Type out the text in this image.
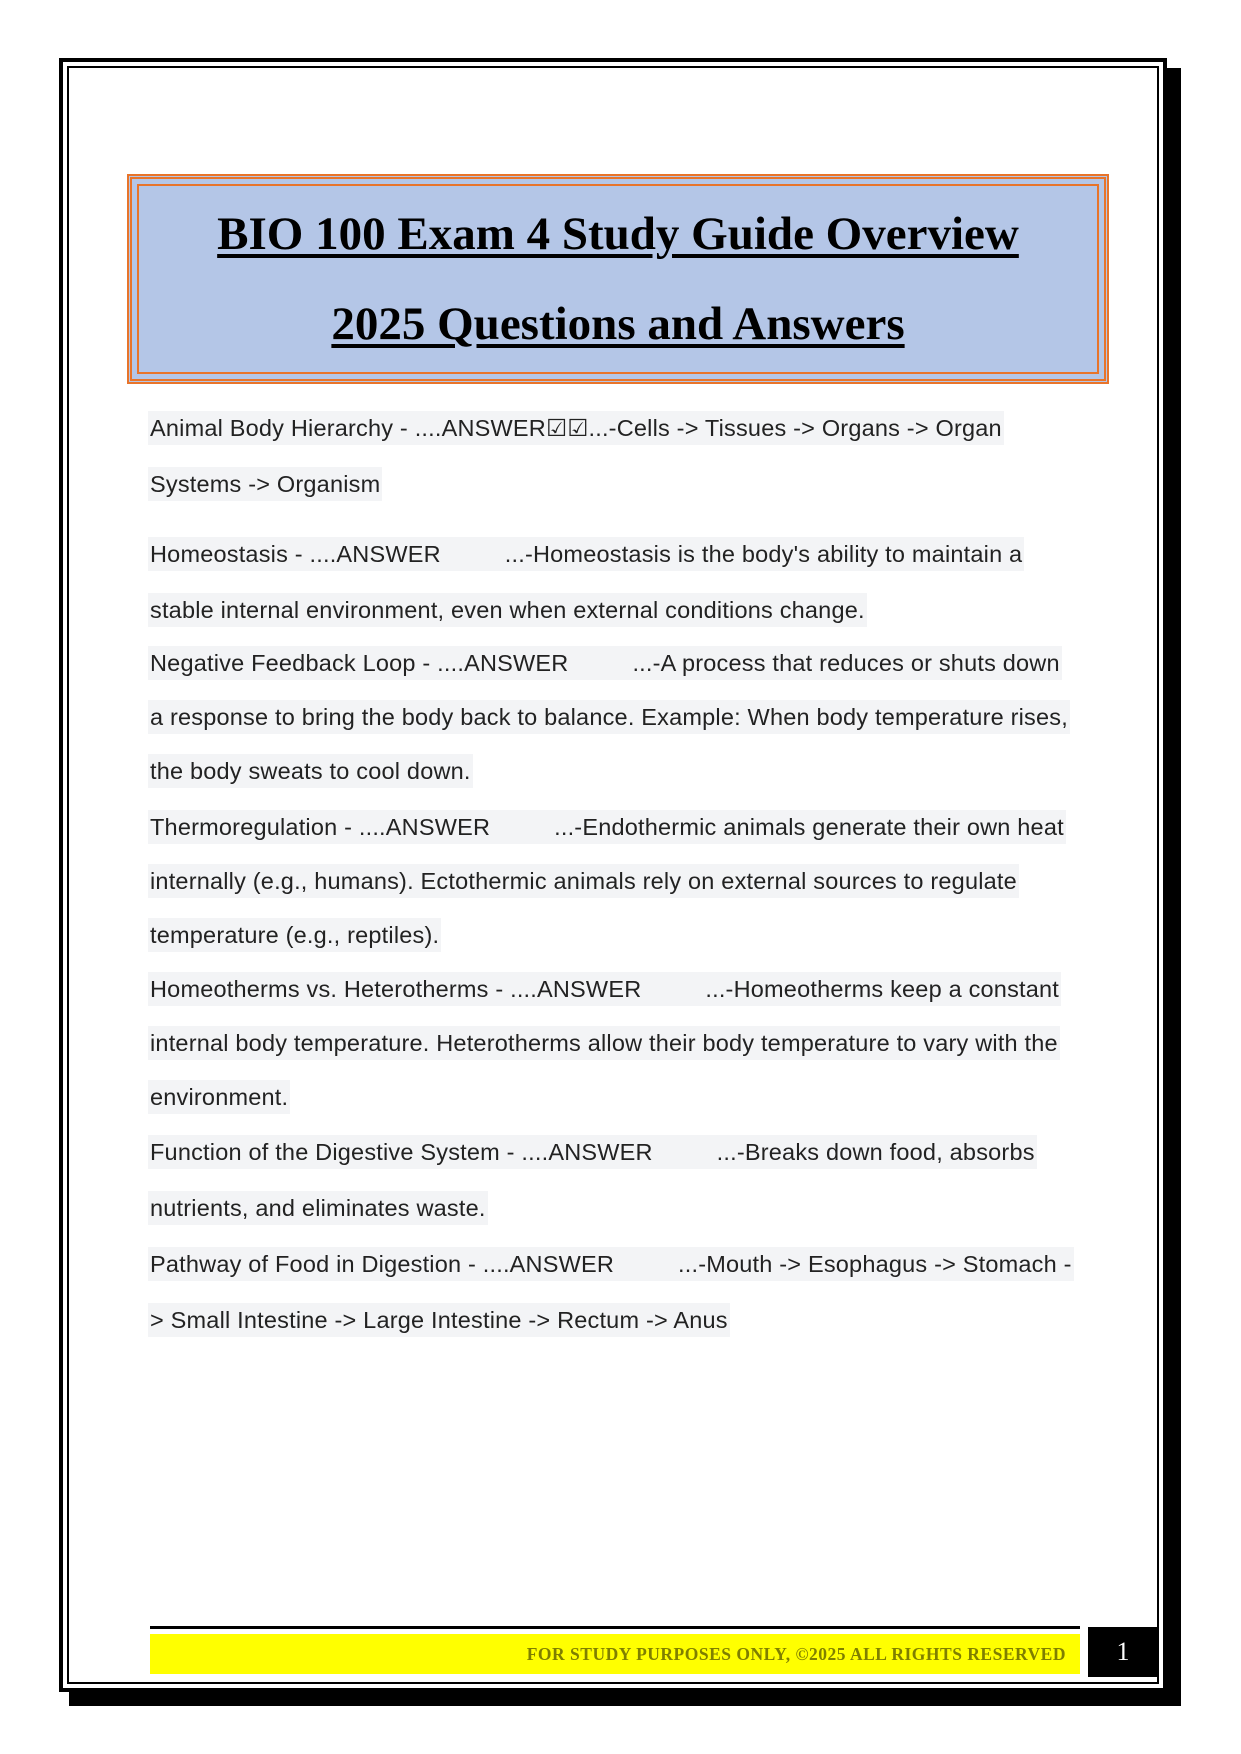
BIO 100 Exam 4 Study Guide Overview
2025 Questions and Answers
Animal Body Hierarchy - ....ANSWER☑☑...-Cells -> Tissues -> Organs -> Organ Systems -> Organism
Homeostasis - ....ANSWER	...-Homeostasis is the body's ability to maintain a stable internal environment, even when external conditions change.
Negative Feedback Loop - ....ANSWER	...-A process that reduces or shuts down a response to bring the body back to balance. Example: When body temperature rises, the body sweats to cool down.
Thermoregulation - ....ANSWER	...-Endothermic animals generate their own heat internally (e.g., humans). Ectothermic animals rely on external sources to regulate temperature (e.g., reptiles).
Homeotherms vs. Heterotherms - ....ANSWER	...-Homeotherms keep a constant internal body temperature. Heterotherms allow their body temperature to vary with the environment.
Function of the Digestive System - ....ANSWER	...-Breaks down food, absorbs nutrients, and eliminates waste.
Pathway of Food in Digestion - ....ANSWER	...-Mouth -> Esophagus -> Stomach -> Small Intestine -> Large Intestine -> Rectum -> Anus
FOR STUDY PURPOSES ONLY, ©2025 ALL RIGHTS RESERVED 1
